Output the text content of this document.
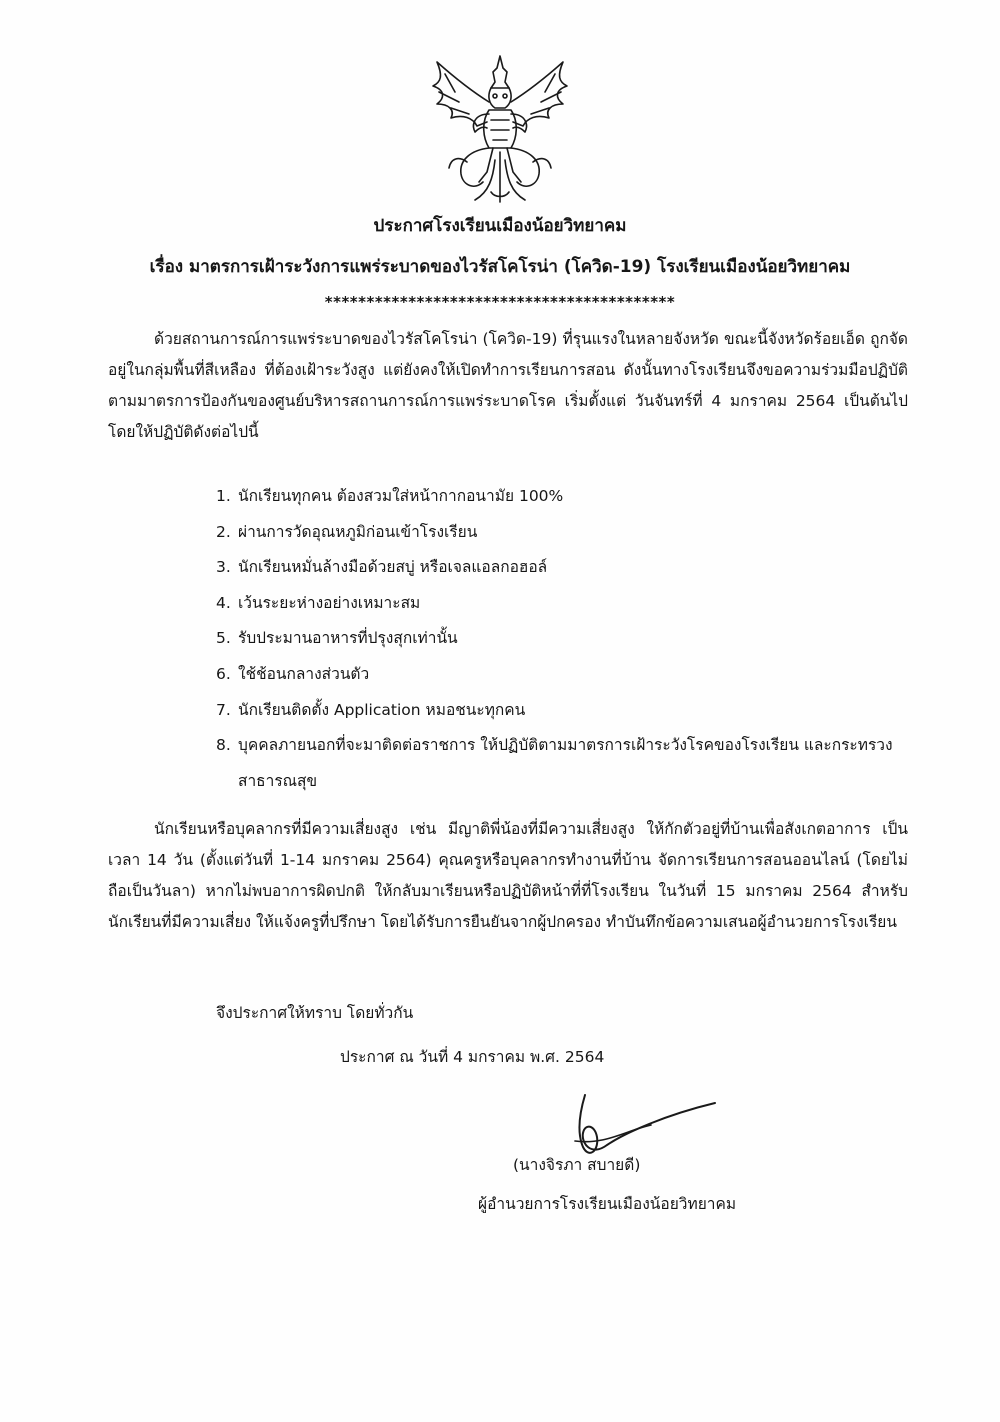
ประกาศโรงเรียนเมืองน้อยวิทยาคม
เรื่อง มาตรการเฝ้าระวังการแพร่ระบาดของไวรัสโคโรน่า (โควิด-19) โรงเรียนเมืองน้อยวิทยาคม
******************************************

ด้วยสถานการณ์การแพร่ระบาดของไวรัสโคโรน่า (โควิด-19) ที่รุนแรงในหลายจังหวัด ขณะนี้จังหวัดร้อยเอ็ด ถูกจัดอยู่ในกลุ่มพื้นที่สีเหลือง ที่ต้องเฝ้าระวังสูง แต่ยังคงให้เปิดทำการเรียนการสอน ดังนั้นทางโรงเรียนจึงขอความร่วมมือปฏิบัติตามมาตรการป้องกันของศูนย์บริหารสถานการณ์การแพร่ระบาดโรค เริ่มตั้งแต่ วันจันทร์ที่ 4 มกราคม 2564 เป็นต้นไป โดยให้ปฏิบัติดังต่อไปนี้

1. นักเรียนทุกคน ต้องสวมใส่หน้ากากอนามัย 100%
2. ผ่านการวัดอุณหภูมิก่อนเข้าโรงเรียน
3. นักเรียนหมั่นล้างมือด้วยสบู่ หรือเจลแอลกอฮอล์
4. เว้นระยะห่างอย่างเหมาะสม
5. รับประมานอาหารที่ปรุงสุกเท่านั้น
6. ใช้ช้อนกลางส่วนตัว
7. นักเรียนติดตั้ง Application หมอชนะทุกคน
8. บุคคลภายนอกที่จะมาติดต่อราชการ ให้ปฏิบัติตามมาตรการเฝ้าระวังโรคของโรงเรียน และกระทรวงสาธารณสุข

นักเรียนหรือบุคลากรที่มีความเสี่ยงสูง เช่น มีญาติพี่น้องที่มีความเสี่ยงสูง ให้กักตัวอยู่ที่บ้านเพื่อสังเกตอาการ เป็นเวลา 14 วัน (ตั้งแต่วันที่ 1-14 มกราคม 2564) คุณครูหรือบุคลากรทำงานที่บ้าน จัดการเรียนการสอนออนไลน์ (โดยไม่ถือเป็นวันลา) หากไม่พบอาการผิดปกติ ให้กลับมาเรียนหรือปฏิบัติหน้าที่ที่โรงเรียน ในวันที่ 15 มกราคม 2564 สำหรับนักเรียนที่มีความเสี่ยง ให้แจ้งครูที่ปรึกษา โดยได้รับการยืนยันจากผู้ปกครอง ทำบันทึกข้อความเสนอผู้อำนวยการโรงเรียน

จึงประกาศให้ทราบ โดยทั่วกัน
ประกาศ ณ วันที่ 4 มกราคม พ.ศ. 2564
(นางจิรภา สบายดี)
ผู้อำนวยการโรงเรียนเมืองน้อยวิทยาคม
